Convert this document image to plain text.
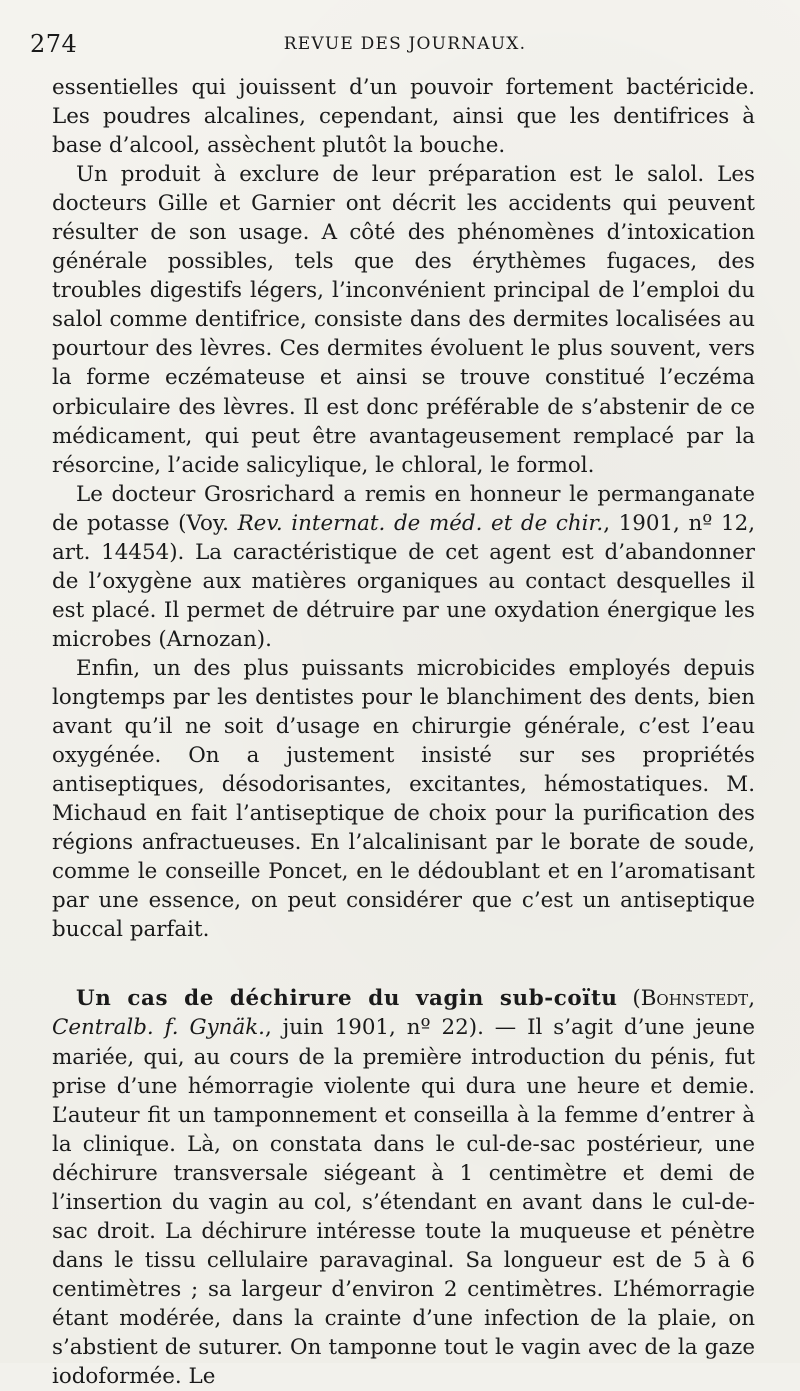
274	REVUE DES JOURNAUX.

essentielles qui jouissent d’un pouvoir fortement bactéricide. Les poudres alcalines, cependant, ainsi que les dentifrices à base d’alcool, assèchent plutôt la bouche.

Un produit à exclure de leur préparation est le salol. Les docteurs Gille et Garnier ont décrit les accidents qui peuvent résulter de son usage. A côté des phénomènes d’intoxication générale possibles, tels que des érythèmes fugaces, des troubles digestifs légers, l’inconvénient principal de l’emploi du salol comme dentifrice, consiste dans des dermites localisées au pourtour des lèvres. Ces dermites évoluent le plus souvent, vers la forme eczémateuse et ainsi se trouve constitué l’eczéma orbiculaire des lèvres. Il est donc préférable de s’abstenir de ce médicament, qui peut être avantageusement remplacé par la résorcine, l’acide salicylique, le chloral, le formol.

Le docteur Grosrichard a remis en honneur le permanganate de potasse (Voy. Rev. internat. de méd. et de chir., 1901, nº 12, art. 14454). La caractéristique de cet agent est d’abandonner de l’oxygène aux matières organiques au contact desquelles il est placé. Il permet de détruire par une oxydation énergique les microbes (Arnozan).

Enfin, un des plus puissants microbicides employés depuis longtemps par les dentistes pour le blanchiment des dents, bien avant qu’il ne soit d’usage en chirurgie générale, c’est l’eau oxygénée. On a justement insisté sur ses propriétés antiseptiques, désodorisantes, excitantes, hémostatiques. M. Michaud en fait l’antiseptique de choix pour la purification des régions anfractueuses. En l’alcalinisant par le borate de soude, comme le conseille Poncet, en le dédoublant et en l’aromatisant par une essence, on peut considérer que c’est un antiseptique buccal parfait.

Un cas de déchirure du vagin sub-coïtu (Bohnstedt, Centralb. f. Gynäk., juin 1901, nº 22). — Il s’agit d’une jeune mariée, qui, au cours de la première introduction du pénis, fut prise d’une hémorragie violente qui dura une heure et demie. L’auteur fit un tamponnement et conseilla à la femme d’entrer à la clinique. Là, on constata dans le cul-de-sac postérieur, une déchirure transversale siégeant à 1 centimètre et demi de l’insertion du vagin au col, s’étendant en avant dans le cul-de-sac droit. La déchirure intéresse toute la muqueuse et pénètre dans le tissu cellulaire paravaginal. Sa longueur est de 5 à 6 centimètres ; sa largeur d’environ 2 centimètres. L’hémorragie étant modérée, dans la crainte d’une infection de la plaie, on s’abstient de suturer. On tamponne tout le vagin avec de la gaze iodoformée. Le
